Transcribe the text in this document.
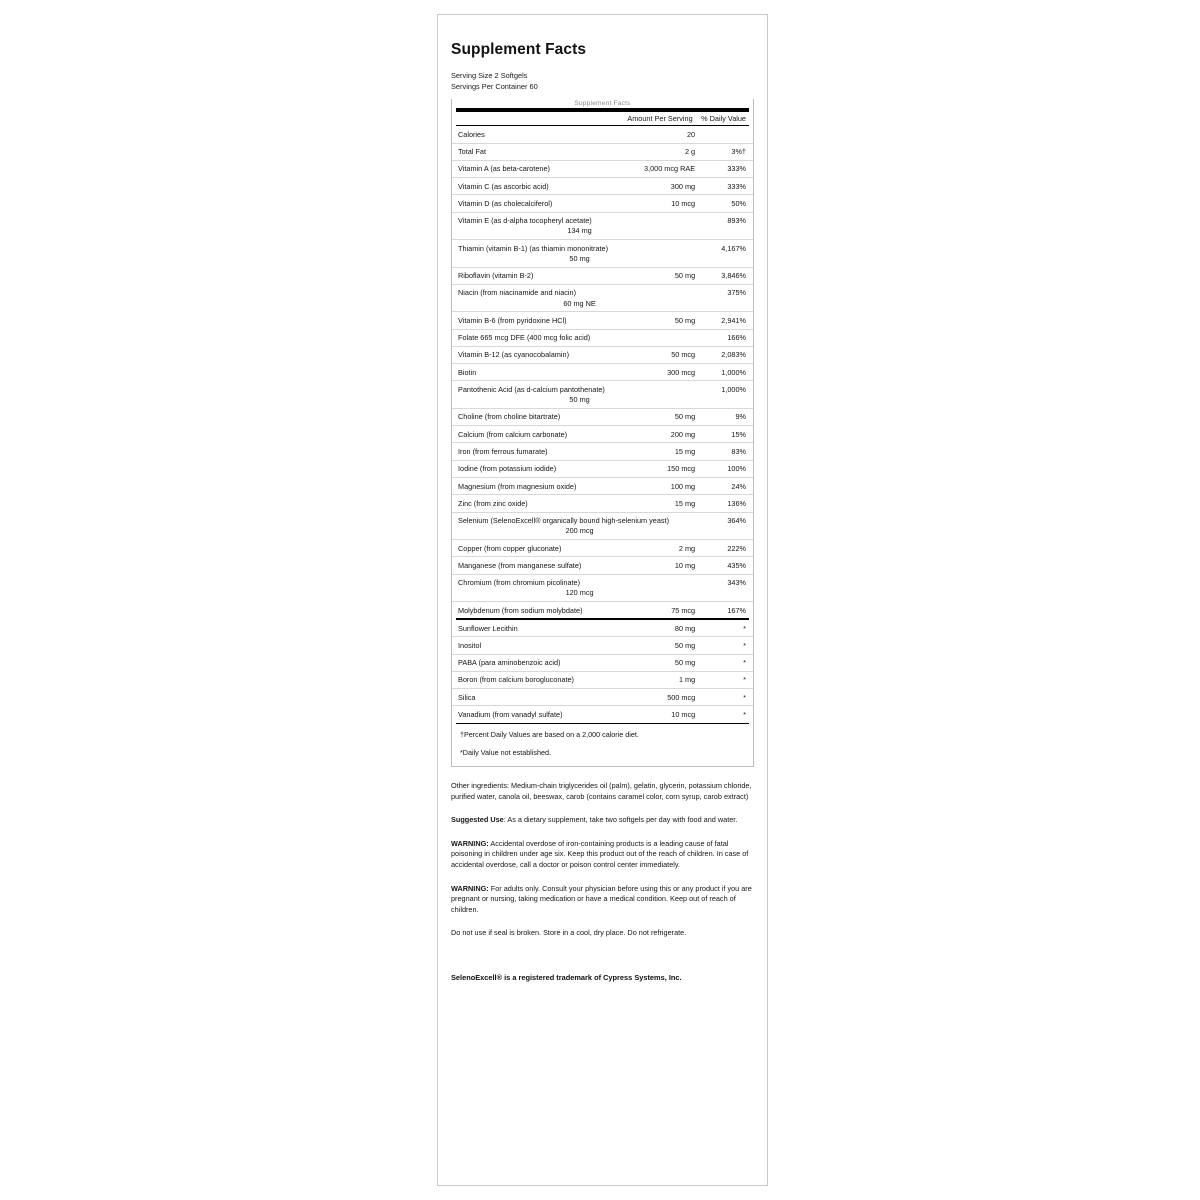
Supplement Facts
Serving Size 2 Softgels
Servings Per Container 60
Supplement Facts
	Amount Per Serving	% Daily Value
Calories	20	
Total Fat	2 g	3%†
Vitamin A (as beta-carotene)	3,000 mcg RAE	333%
Vitamin C (as ascorbic acid)	300 mg	333%
Vitamin D (as cholecalciferol)	10 mcg	50%
Vitamin E (as d-alpha tocopheryl acetate)
134 mg		893%
Thiamin (vitamin B-1) (as thiamin mononitrate)
50 mg		4,167%
Riboflavin (vitamin B-2)	50 mg	3,846%
Niacin (from niacinamide and niacin)
60 mg NE		375%
Vitamin B-6 (from pyridoxine HCl)	50 mg	2,941%
Folate 665 mcg DFE (400 mcg folic acid)		166%
Vitamin B-12 (as cyanocobalamin)	50 mcg	2,083%
Biotin	300 mcg	1,000%
Pantothenic Acid (as d-calcium pantothenate)
50 mg		1,000%
Choline (from choline bitartrate)	50 mg	9%
Calcium (from calcium carbonate)	200 mg	15%
Iron (from ferrous fumarate)	15 mg	83%
Iodine (from potassium iodide)	150 mcg	100%
Magnesium (from magnesium oxide)	100 mg	24%
Zinc (from zinc oxide)	15 mg	136%
Selenium (SelenoExcell® organically bound high-selenium yeast)
200 mcg		364%
Copper (from copper gluconate)	2 mg	222%
Manganese (from manganese sulfate)	10 mg	435%
Chromium (from chromium picolinate)
120 mcg		343%
Molybdenum (from sodium molybdate)	75 mcg	167%
Sunflower Lecithin	80 mg	*
Inositol	50 mg	*
PABA (para aminobenzoic acid)	50 mg	*
Boron (from calcium borogluconate)	1 mg	*
Silica	500 mcg	*
Vanadium (from vanadyl sulfate)	10 mcg	*
†Percent Daily Values are based on a 2,000 calorie diet.
*Daily Value not established.

Other ingredients: Medium-chain triglycerides oil (palm), gelatin, glycerin, potassium chloride, purified water, canola oil, beeswax, carob (contains caramel color, corn syrup, carob extract)

Suggested Use: As a dietary supplement, take two softgels per day with food and water.

WARNING: Accidental overdose of iron-containing products is a leading cause of fatal poisoning in children under age six. Keep this product out of the reach of children. In case of accidental overdose, call a doctor or poison control center immediately.

WARNING: For adults only. Consult your physician before using this or any product if you are pregnant or nursing, taking medication or have a medical condition. Keep out of reach of children.

Do not use if seal is broken. Store in a cool, dry place. Do not refrigerate.

SelenoExcell® is a registered trademark of Cypress Systems, Inc.
